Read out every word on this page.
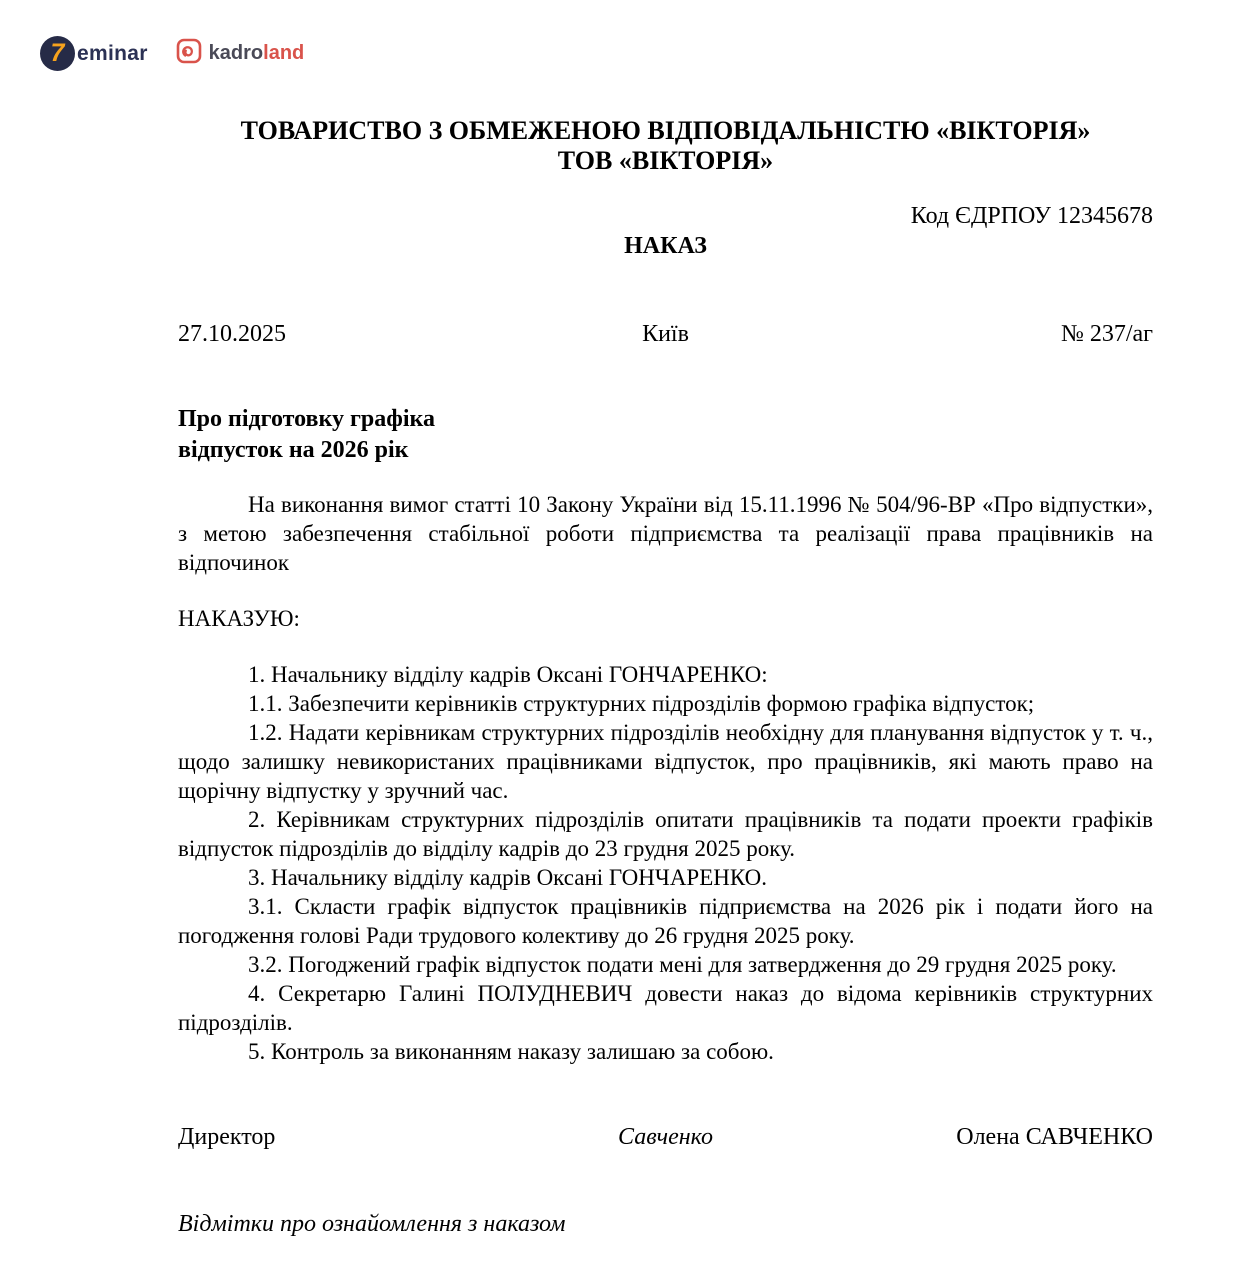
7 eminar	kadroland
ТОВАРИСТВО З ОБМЕЖЕНОЮ ВІДПОВІДАЛЬНІСТЮ «ВІКТОРІЯ»
ТОВ «ВІКТОРІЯ»
Код ЄДРПОУ 12345678
НАКАЗ
27.10.2025	Київ	№ 237/аг
Про підготовку графіка
відпусток на 2026 рік

На виконання вимог статті 10 Закону України від 15.11.1996 № 504/96-ВР «Про відпустки», з метою забезпечення стабільної роботи підприємства та реалізації права працівників на відпочинок

НАКАЗУЮ:

1. Начальнику відділу кадрів Оксані ГОНЧАРЕНКО:

1.1. Забезпечити керівників структурних підрозділів формою графіка відпусток;

1.2. Надати керівникам структурних підрозділів необхідну для планування відпусток у т. ч., щодо залишку невикористаних працівниками відпусток, про працівників, які мають право на щорічну відпустку у зручний час.

2. Керівникам структурних підрозділів опитати працівників та подати проекти графіків відпусток підрозділів до відділу кадрів до 23 грудня 2025 року.

3. Начальнику відділу кадрів Оксані ГОНЧАРЕНКО.

3.1. Скласти графік відпусток працівників підприємства на 2026 рік і подати його на погодження голові Ради трудового колективу до 26 грудня 2025 року.

3.2. Погоджений графік відпусток подати мені для затвердження до 29 грудня 2025 року.

4. Секретарю Галині ПОЛУДНЕВИЧ довести наказ до відома керівників структурних підрозділів.

5. Контроль за виконанням наказу залишаю за собою.

Директор	Савченко	Олена САВЧЕНКО
Відмітки про ознайомлення з наказом
